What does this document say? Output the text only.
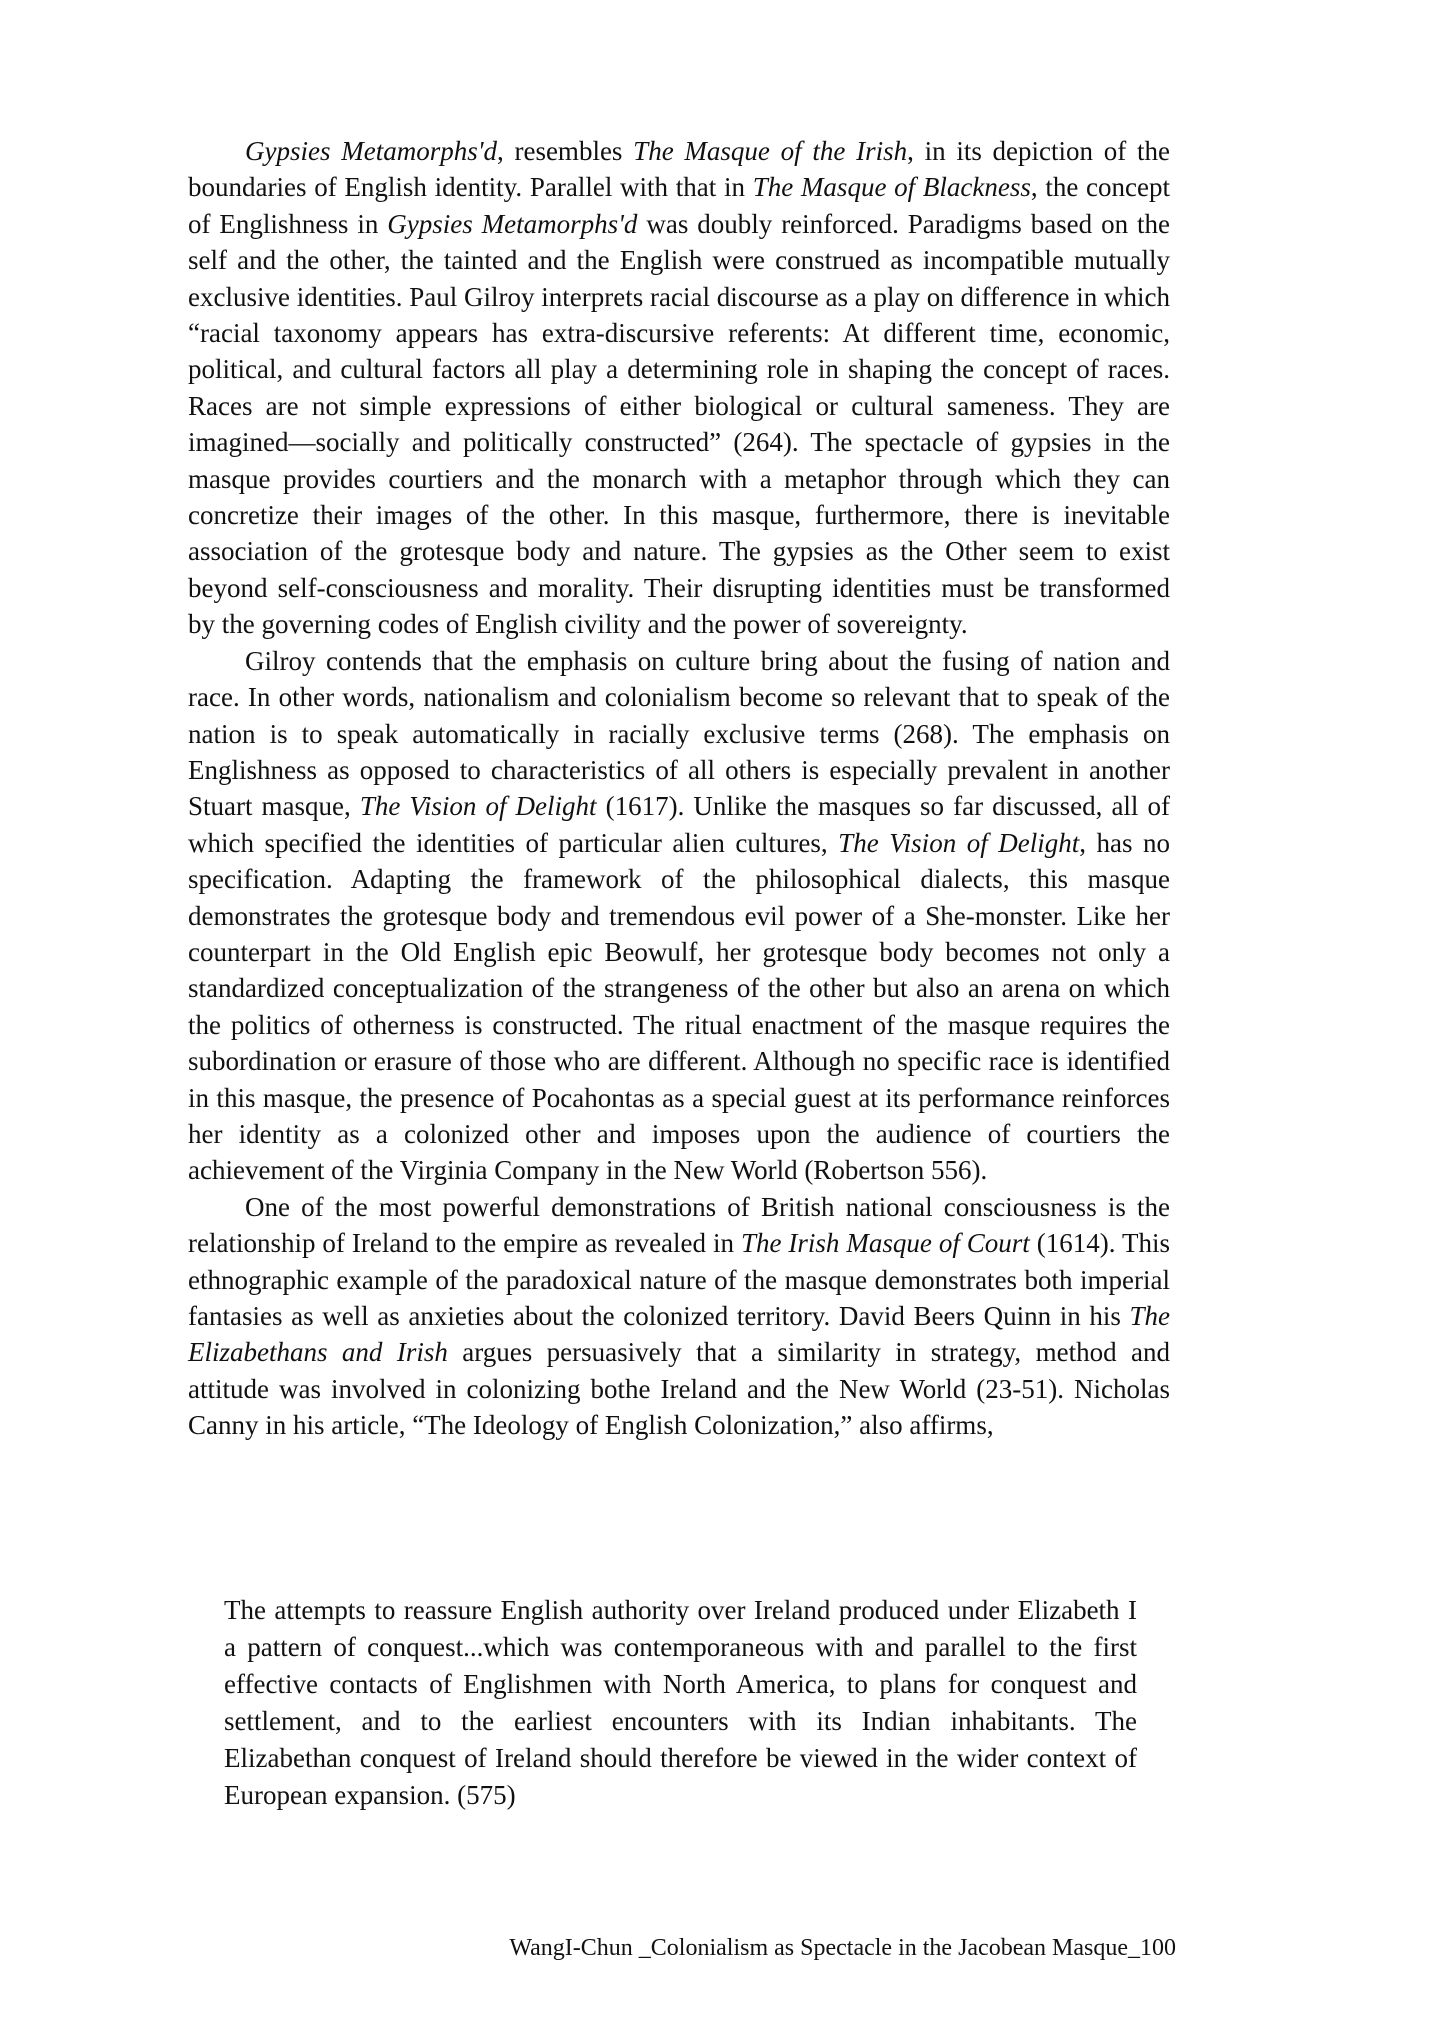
Gypsies Metamorphs'd, resembles The Masque of the Irish, in its depiction of the boundaries of English identity. Parallel with that in The Masque of Blackness, the concept of Englishness in Gypsies Metamorphs'd was doubly reinforced. Paradigms based on the self and the other, the tainted and the English were construed as incompatible mutually exclusive identities. Paul Gilroy interprets racial discourse as a play on difference in which “racial taxonomy appears has extra-discursive referents: At different time, economic, political, and cultural factors all play a determining role in shaping the concept of races. Races are not simple expressions of either biological or cultural sameness. They are imagined—socially and politically constructed” (264). The spectacle of gypsies in the masque provides courtiers and the monarch with a metaphor through which they can concretize their images of the other. In this masque, furthermore, there is inevitable association of the grotesque body and nature. The gypsies as the Other seem to exist beyond self-consciousness and morality. Their disrupting identities must be transformed by the governing codes of English civility and the power of sovereignty.

Gilroy contends that the emphasis on culture bring about the fusing of nation and race. In other words, nationalism and colonialism become so relevant that to speak of the nation is to speak automatically in racially exclusive terms (268). The emphasis on Englishness as opposed to characteristics of all others is especially prevalent in another Stuart masque, The Vision of Delight (1617). Unlike the masques so far discussed, all of which specified the identities of particular alien cultures, The Vision of Delight, has no specification. Adapting the framework of the philosophical dialects, this masque demonstrates the grotesque body and tremendous evil power of a She-monster. Like her counterpart in the Old English epic Beowulf, her grotesque body becomes not only a standardized conceptualization of the strangeness of the other but also an arena on which the politics of otherness is constructed. The ritual enactment of the masque requires the subordination or erasure of those who are different. Although no specific race is identified in this masque, the presence of Pocahontas as a special guest at its performance reinforces her identity as a colonized other and imposes upon the audience of courtiers the achievement of the Virginia Company in the New World (Robertson 556).

One of the most powerful demonstrations of British national consciousness is the relationship of Ireland to the empire as revealed in The Irish Masque of Court (1614). This ethnographic example of the paradoxical nature of the masque demonstrates both imperial fantasies as well as anxieties about the colonized territory. David Beers Quinn in his The Elizabethans and Irish argues persuasively that a similarity in strategy, method and attitude was involved in colonizing bothe Ireland and the New World (23-51). Nicholas Canny in his article, “The Ideology of English Colonization,” also affirms,

The attempts to reassure English authority over Ireland produced under Elizabeth I a pattern of conquest...which was contemporaneous with and parallel to the first effective contacts of Englishmen with North America, to plans for conquest and settlement, and to the earliest encounters with its Indian inhabitants. The Elizabethan conquest of Ireland should therefore be viewed in the wider context of European expansion. (575)

WangI-Chun _Colonialism as Spectacle in the Jacobean Masque_100
